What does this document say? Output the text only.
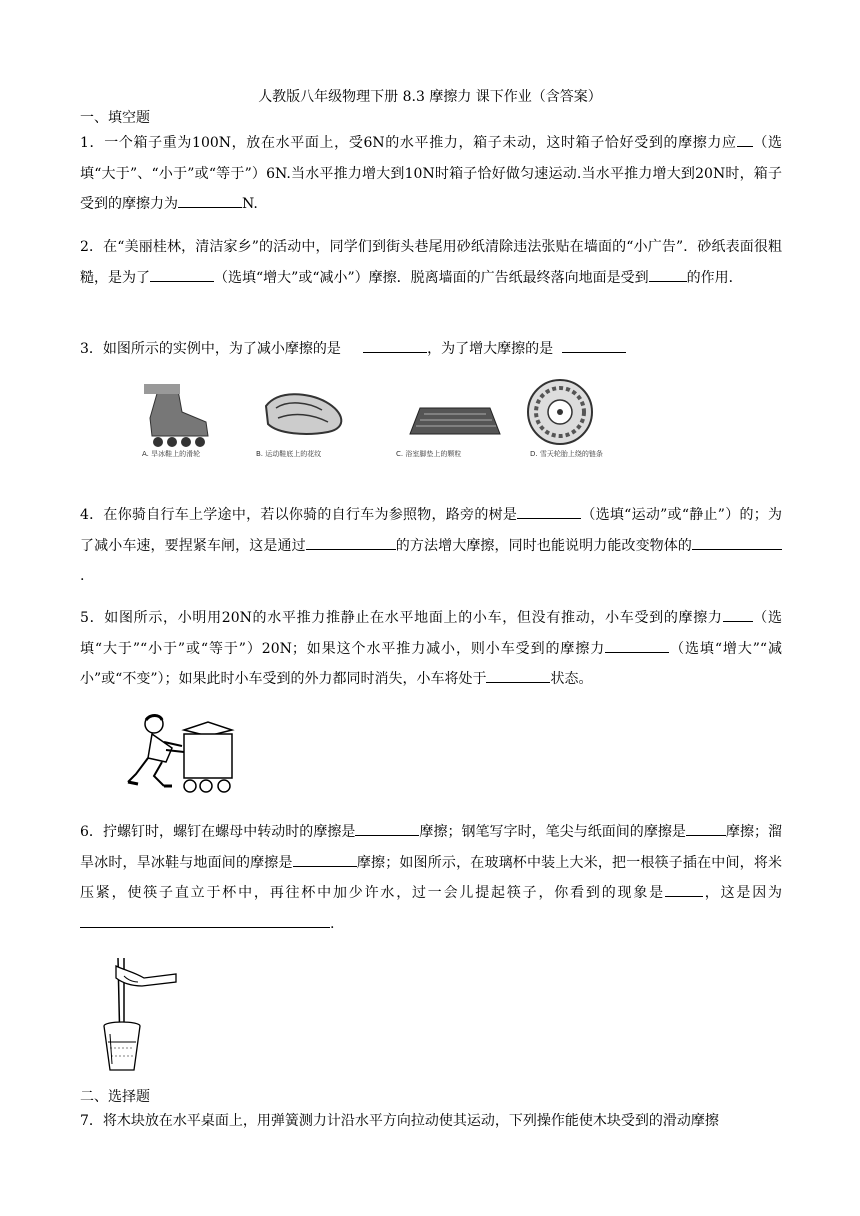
人教版八年级物理下册 8.3 摩擦力 课下作业（含答案）
一、填空题
1．一个箱子重为100N，放在水平面上，受6N的水平推力，箱子未动，这时箱子恰好受到的摩擦力应 （选填“大于”、“小于”或“等于”）6N.当水平推力增大到10N时箱子恰好做匀速运动.当水平推力增大到20N时，箱子受到的摩擦力为	N.
2．在“美丽桂林，清洁家乡”的活动中，同学们到街头巷尾用砂纸清除违法张贴在墙面的“小广告”．砂纸表面很粗糙，是为了	（选填“增大”或“减小”）摩擦．脱离墙面的广告纸最终落向地面是受到	的作用．
3．如图所示的实例中，为了减小摩擦的是	，为了增大摩擦的是
A. 旱冰鞋上的滑轮	B. 运动鞋底上的花纹	C. 浴室脚垫上的颗粒	D. 雪天轮胎上绕的链条
4．在你骑自行车上学途中，若以你骑的自行车为参照物，路旁的树是	（选填“运动”或“静止”）的；为了减小车速，要捏紧车闸，这是通过	的方法增大摩擦，同时也能说明力能改变物体的.
5．如图所示，小明用20N的水平推力推静止在水平地面上的小车，但没有推动，小车受到的摩擦力 （选填“大于”“小于”或“等于”）20N；如果这个水平推力减小，则小车受到的摩擦力	（选填“增大”“减小”或“不变”）；如果此时小车受到的外力都同时消失，小车将处于	状态。
6．拧螺钉时，螺钉在螺母中转动时的摩擦是	摩擦；钢笔写字时，笔尖与纸面间的摩擦是	摩擦；溜旱冰时，旱冰鞋与地面间的摩擦是	摩擦；如图所示，在玻璃杯中装上大米，把一根筷子插在中间，将米压紧，使筷子直立于杯中，再往杯中加少许水，过一会儿提起筷子，你看到的现象是	，这是因为.
二、选择题
7．将木块放在水平桌面上，用弹簧测力计沿水平方向拉动使其运动，下列操作能使木块受到的滑动摩擦
